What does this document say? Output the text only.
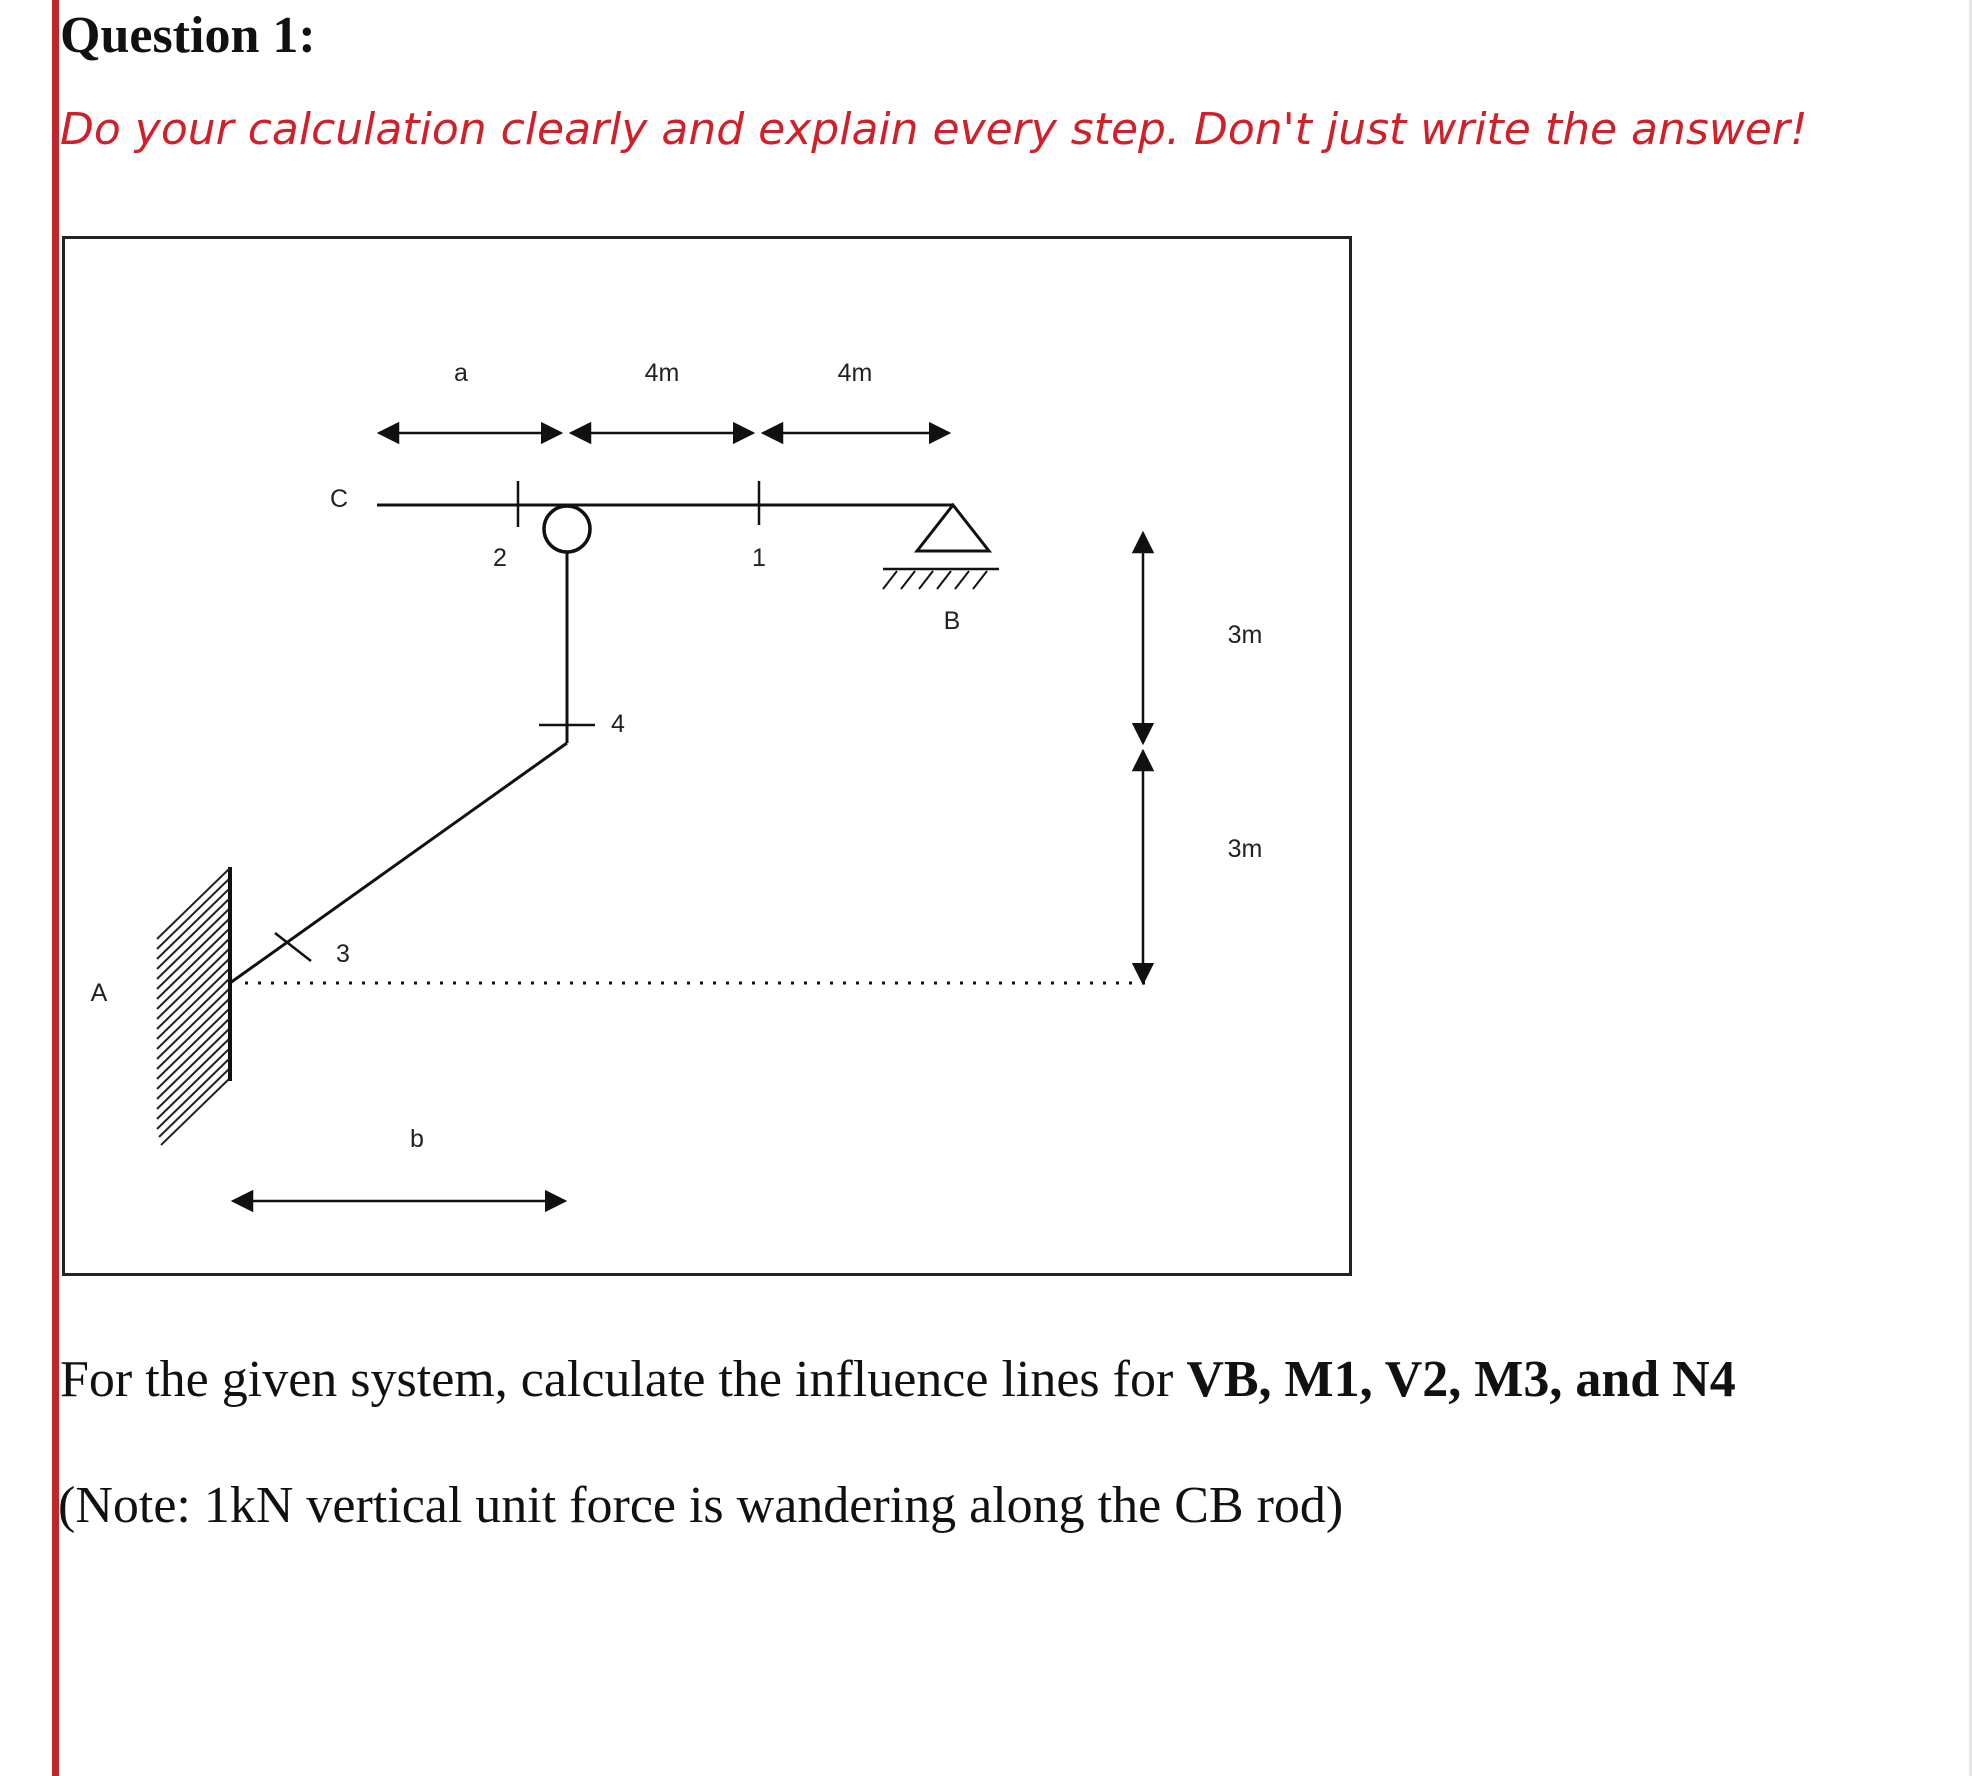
Question 1:

Do your calculation clearly and explain every step. Don't just write the answer!

a	4m	4m
C
2	1
B
4
3
A
3m
3m
b

For the given system, calculate the influence lines for VB, M1, V2, M3, and N4

(Note: 1kN vertical unit force is wandering along the CB rod)
